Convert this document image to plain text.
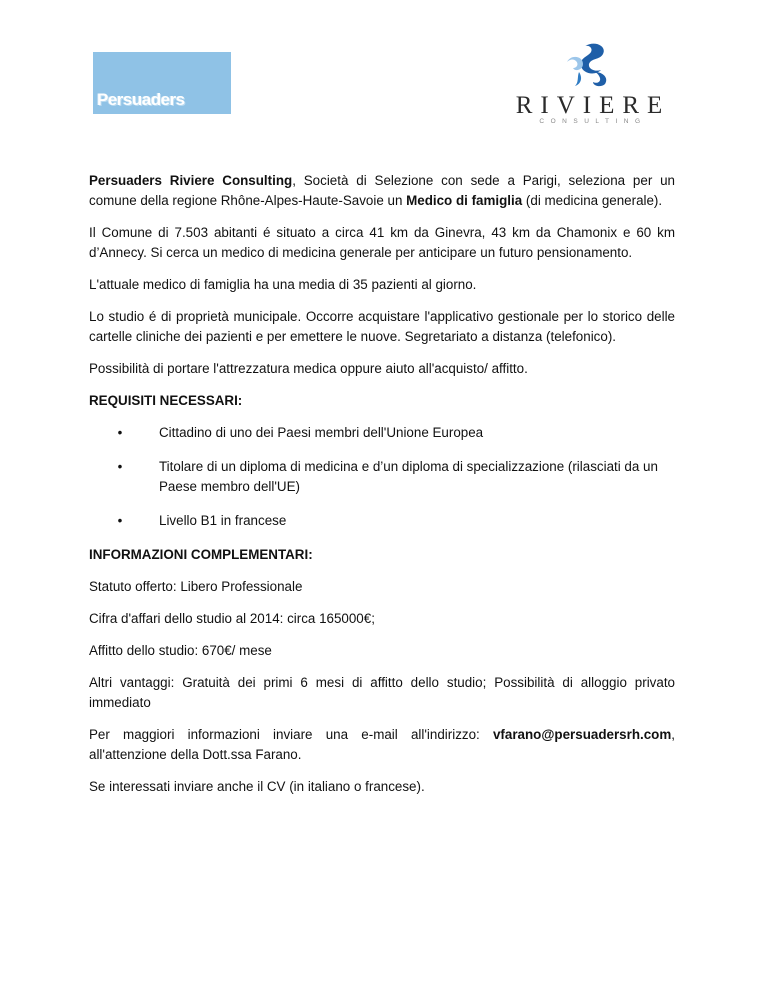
Persuaders	RIVIERE
CONSULTING

Persuaders Riviere Consulting, Società di Selezione con sede a Parigi, seleziona per un comune della regione Rhône-Alpes-Haute-Savoie un Medico di famiglia (di medicina generale).

Il Comune di 7.503 abitanti é situato a circa 41 km da Ginevra, 43 km da Chamonix e 60 km d’Annecy. Si cerca un medico di medicina generale per anticipare un futuro pensionamento.

L'attuale medico di famiglia ha una media di 35 pazienti al giorno.

Lo studio é di proprietà municipale. Occorre acquistare l'applicativo gestionale per lo storico delle cartelle cliniche dei pazienti e per emettere le nuove. Segretariato a distanza (telefonico).

Possibilità di portare l'attrezzatura medica oppure aiuto all'acquisto/ affitto.

REQUISITI NECESSARI:
•	Cittadino di uno dei Paesi membri dell'Unione Europea
•	Titolare di un diploma di medicina e d’un diploma di specializzazione (rilasciati da un Paese membro dell'UE)
•	Livello B1 in francese
INFORMAZIONI COMPLEMENTARI:

Statuto offerto: Libero Professionale

Cifra d'affari dello studio al 2014: circa 165000€;

Affitto dello studio: 670€/ mese

Altri vantaggi: Gratuità dei primi 6 mesi di affitto dello studio; Possibilità di alloggio privato immediato

Per maggiori informazioni inviare una e-mail all'indirizzo: vfarano@persuadersrh.com, all'attenzione della Dott.ssa Farano.

Se interessati inviare anche il CV (in italiano o francese).
